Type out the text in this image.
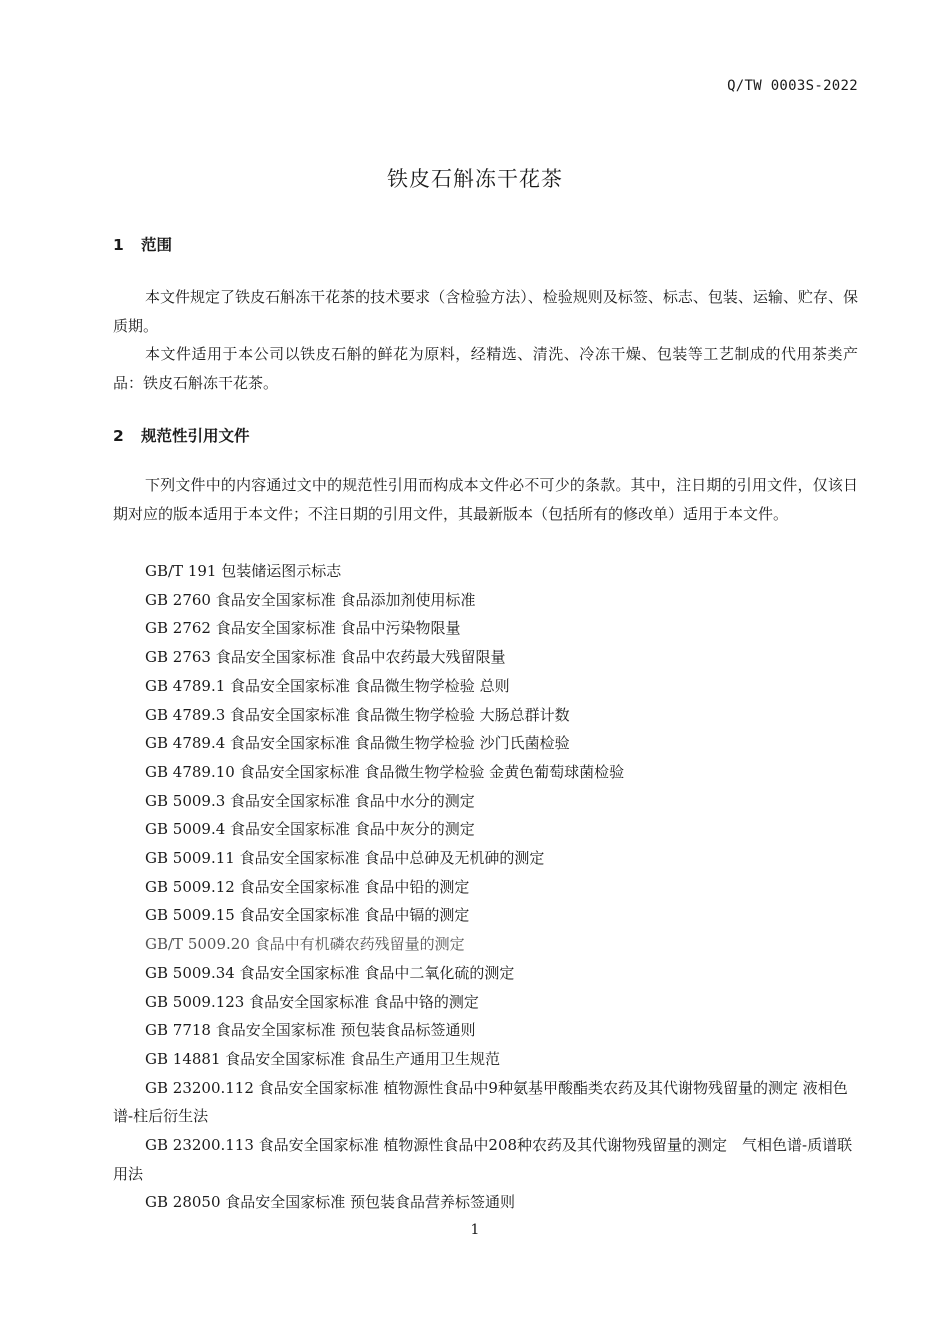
Q/TW 0003S-2022
铁皮石斛冻干花茶
1 范围

本文件规定了铁皮石斛冻干花茶的技术要求（含检验方法）、检验规则及标签、标志、包装、运输、贮存、保质期。

本文件适用于本公司以铁皮石斛的鲜花为原料，经精选、清洗、冷冻干燥、包装等工艺制成的代用茶类产品：铁皮石斛冻干花茶。

2 规范性引用文件

下列文件中的内容通过文中的规范性引用而构成本文件必不可少的条款。其中，注日期的引用文件，仅该日期对应的版本适用于本文件；不注日期的引用文件，其最新版本（包括所有的修改单）适用于本文件。

GB/T 191 包装储运图示标志
GB 2760 食品安全国家标准 食品添加剂使用标准
GB 2762 食品安全国家标准 食品中污染物限量
GB 2763 食品安全国家标准 食品中农药最大残留限量
GB 4789.1 食品安全国家标准 食品微生物学检验 总则
GB 4789.3 食品安全国家标准 食品微生物学检验 大肠总群计数
GB 4789.4 食品安全国家标准 食品微生物学检验 沙门氏菌检验
GB 4789.10 食品安全国家标准 食品微生物学检验 金黄色葡萄球菌检验
GB 5009.3 食品安全国家标准 食品中水分的测定
GB 5009.4 食品安全国家标准 食品中灰分的测定
GB 5009.11 食品安全国家标准 食品中总砷及无机砷的测定
GB 5009.12 食品安全国家标准 食品中铅的测定
GB 5009.15 食品安全国家标准 食品中镉的测定
GB/T 5009.20 食品中有机磷农药残留量的测定
GB 5009.34 食品安全国家标准 食品中二氧化硫的测定
GB 5009.123 食品安全国家标准 食品中铬的测定
GB 7718 食品安全国家标准 预包装食品标签通则
GB 14881 食品安全国家标准 食品生产通用卫生规范
GB 23200.112 食品安全国家标准 植物源性食品中9种氨基甲酸酯类农药及其代谢物残留量的测定 液相色谱-柱后衍生法
GB 23200.113 食品安全国家标准 植物源性食品中208种农药及其代谢物残留量的测定　气相色谱-质谱联用法
GB 28050 食品安全国家标准 预包装食品营养标签通则
1
